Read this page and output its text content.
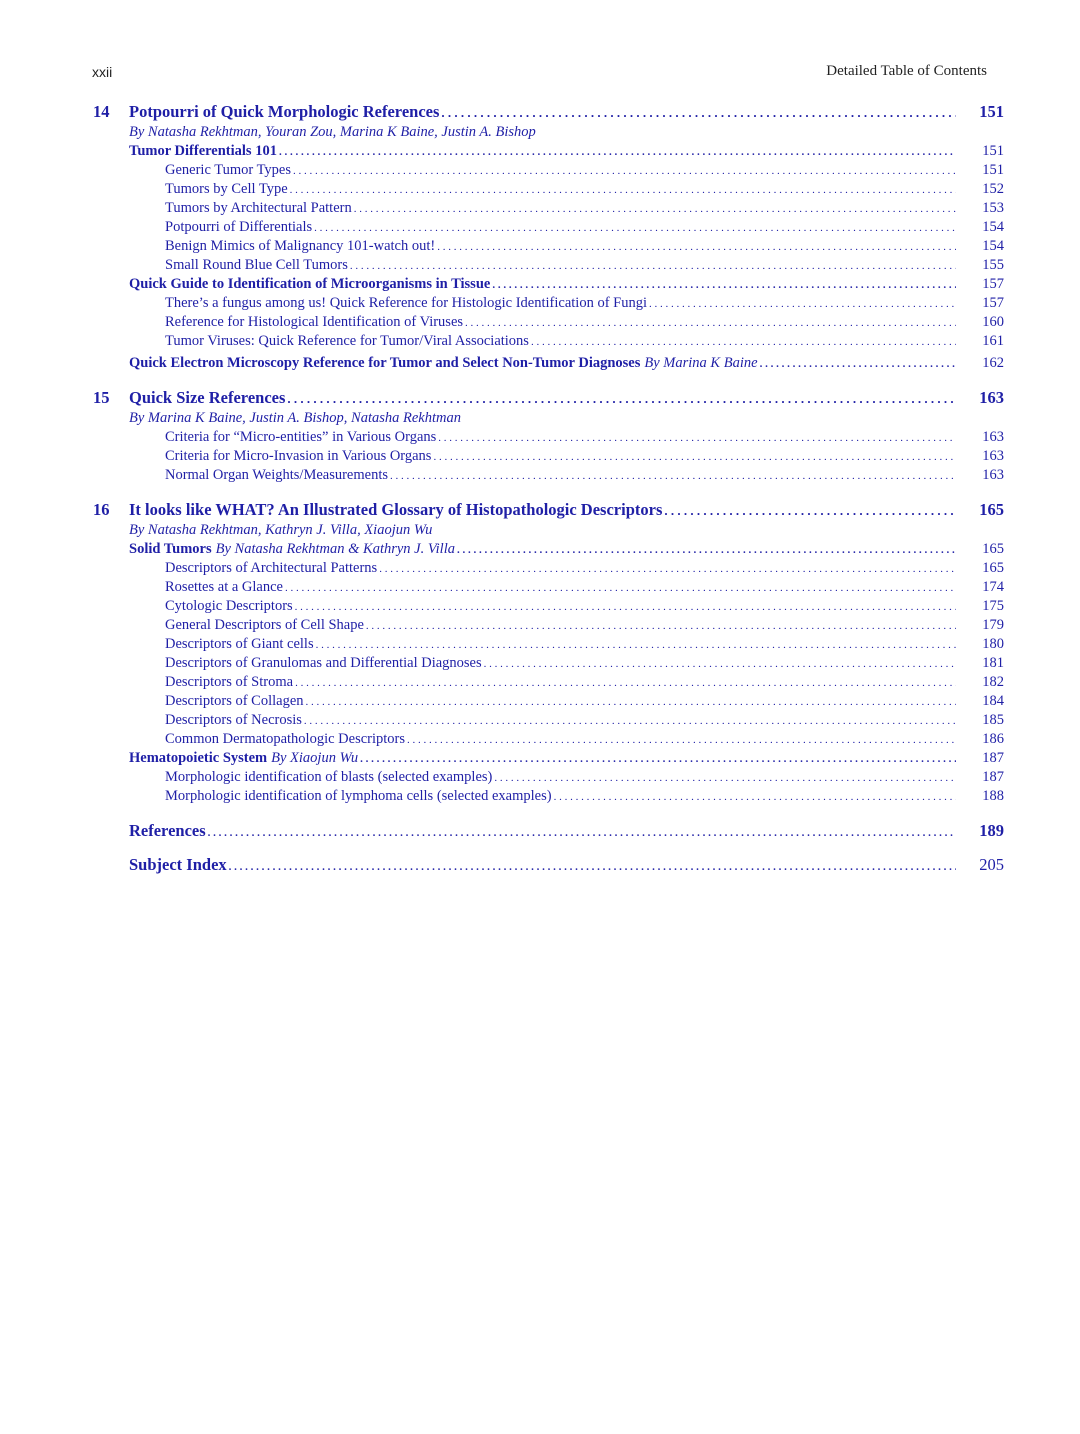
xxii	Detailed Table of Contents
14	Potpourri of Quick Morphologic References . . .	151
By Natasha Rekhtman, Youran Zou, Marina K Baine, Justin A. Bishop
Tumor Differentials 101 . . .	151
Generic Tumor Types . . .	151
Tumors by Cell Type . . .	152
Tumors by Architectural Pattern . . .	153
Potpourri of Differentials . . .	154
Benign Mimics of Malignancy 101-watch out! . . .	154
Small Round Blue Cell Tumors . . .	155
Quick Guide to Identification of Microorganisms in Tissue . . .	157
There’s a fungus among us! Quick Reference for Histologic Identification of Fungi . . .	157
Reference for Histological Identification of Viruses . . .	160
Tumor Viruses: Quick Reference for Tumor/Viral Associations . . .	161
Quick Electron Microscopy Reference for Tumor and Select Non-Tumor Diagnoses By Marina K Baine . . .	162
15	Quick Size References . . .	163
By Marina K Baine, Justin A. Bishop, Natasha Rekhtman
Criteria for “Micro-entities” in Various Organs . . .	163
Criteria for Micro-Invasion in Various Organs . . .	163
Normal Organ Weights/Measurements . . .	163
16	It looks like WHAT? An Illustrated Glossary of Histopathologic Descriptors . . .	165
By Natasha Rekhtman, Kathryn J. Villa, Xiaojun Wu
Solid Tumors By Natasha Rekhtman & Kathryn J. Villa . . .	165
Descriptors of Architectural Patterns . . .	165
Rosettes at a Glance . . .	174
Cytologic Descriptors . . .	175
General Descriptors of Cell Shape . . .	179
Descriptors of Giant cells . . .	180
Descriptors of Granulomas and Differential Diagnoses . . .	181
Descriptors of Stroma . . .	182
Descriptors of Collagen . . .	184
Descriptors of Necrosis . . .	185
Common Dermatopathologic Descriptors . . .	186
Hematopoietic System By Xiaojun Wu . . .	187
Morphologic identification of blasts (selected examples) . . .	187
Morphologic identification of lymphoma cells (selected examples) . . .	188
References . . .	189
Subject Index . . .	205
